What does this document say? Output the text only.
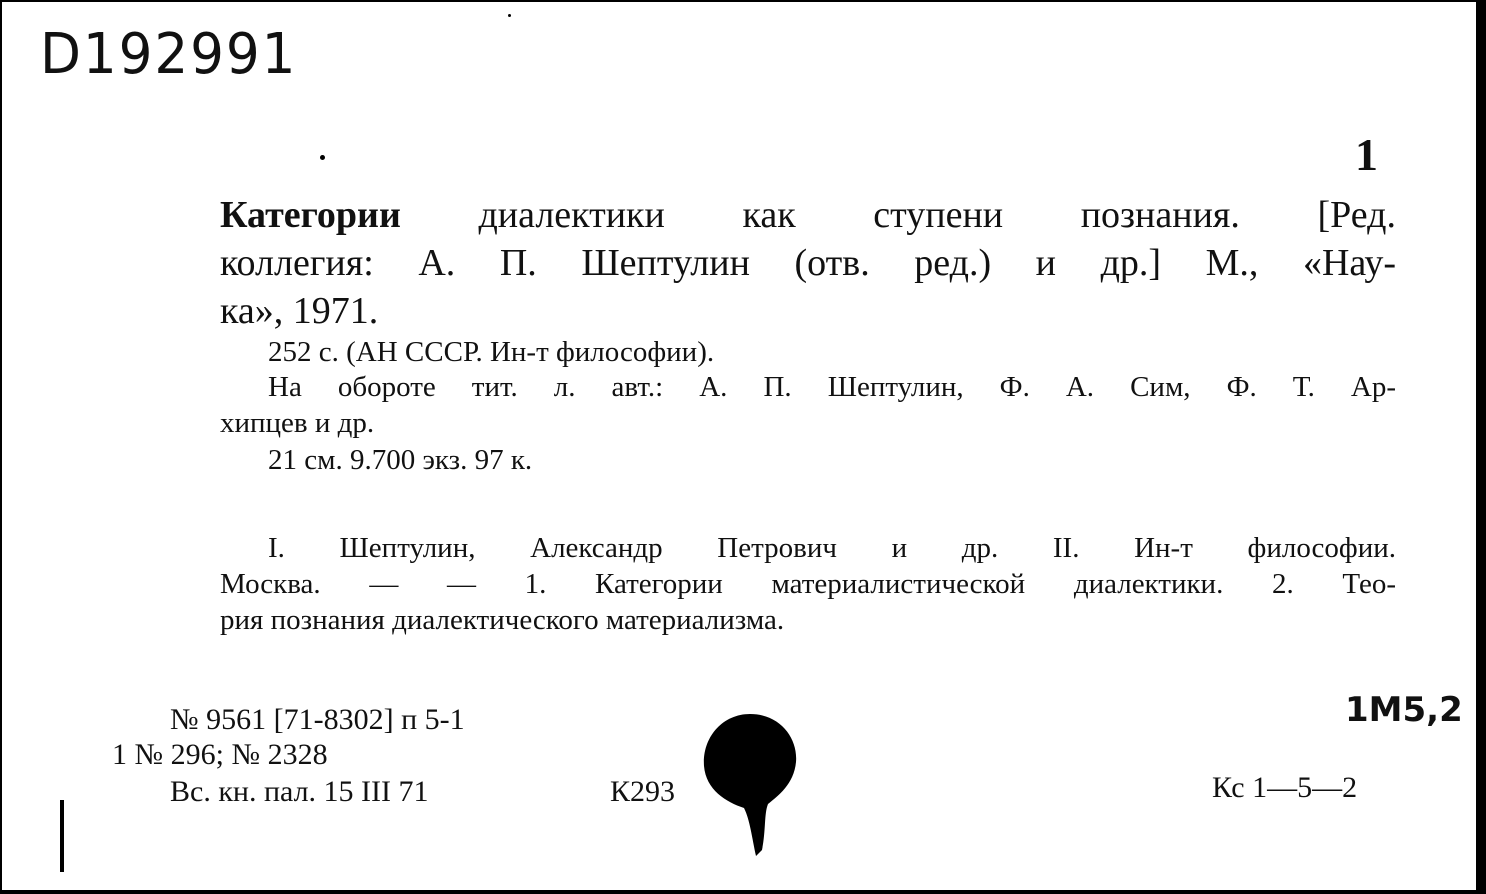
D192991
1
Категории диалектики как ступени познания. [Ред.
коллегия: А. П. Шептулин (отв. ред.) и др.] М., «Нау-
ка», 1971.
252 с. (АН СССР. Ин-т философии).
На обороте тит. л. авт.: А. П. Шептулин, Ф. А. Сим, Ф. Т. Ар-
хипцев и др.
21 см. 9.700 экз. 97 к.
I. Шептулин, Александр Петрович и др. II. Ин-т философии.
Москва. — — 1. Категории материалистической диалектики. 2. Тео-
рия познания диалектического материализма.
№ 9561 [71-8302] п 5-1
1 № 296; № 2328
Вс. кн. пал. 15 III 71	К293	Кс 1—5—2
1M5,2
